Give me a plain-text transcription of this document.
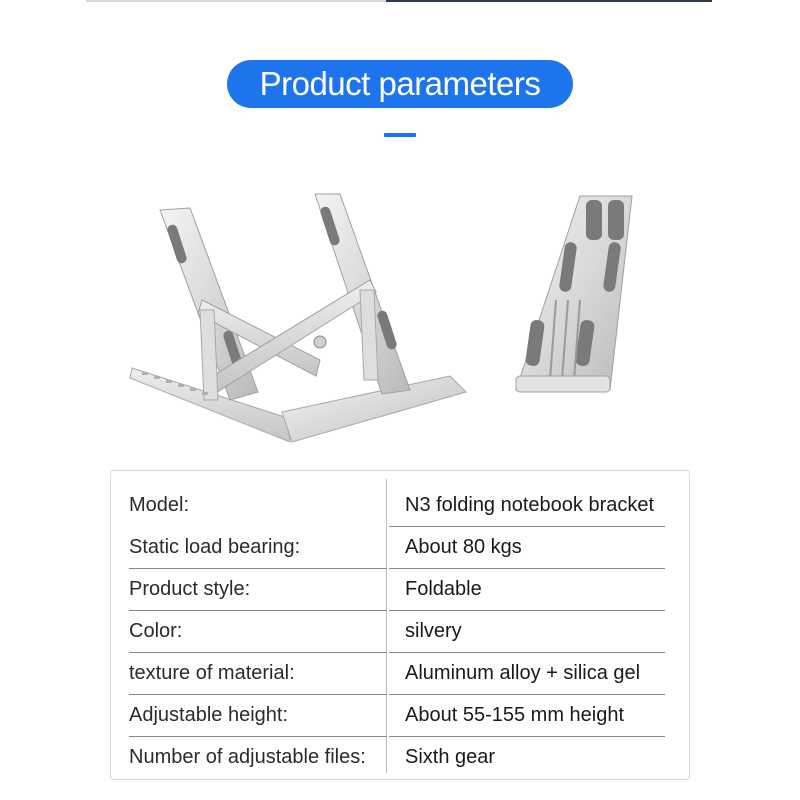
Product parameters
Model:	N3 folding notebook bracket
Static load bearing:	About 80 kgs
Product style:	Foldable
Color:	silvery
texture of material:	Aluminum alloy + silica gel
Adjustable height:	About 55-155 mm height
Number of adjustable files: Sixth gear
